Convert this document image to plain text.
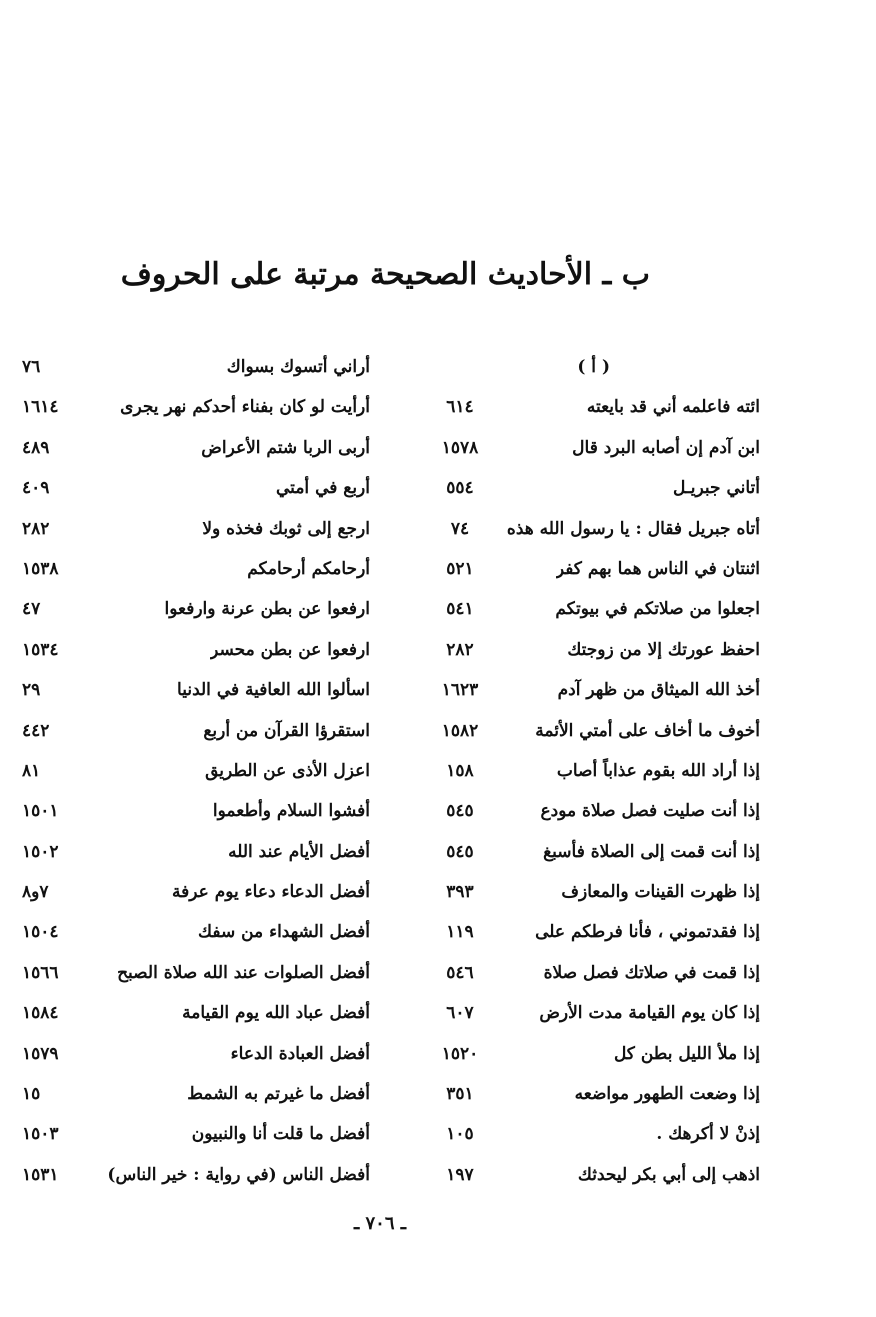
ب ـ الأحاديث الصحيحة مرتبة على الحروف
( أ )
ائته فاعلمه أني قد بايعته
٦١٤
ابن آدم إن أصابه البرد قال
١٥٧٨
أتاني جبريـل
٥٥٤
أتاه جبريل فقال : يا رسول الله هذه
٧٤
اثنتان في الناس هما بهم كفر
٥٢١
اجعلوا من صلاتكم في بيوتكم
٥٤١
احفظ عورتك إلا من زوجتك
٢٨٢
أخذ الله الميثاق من ظهر آدم
١٦٢٣
أخوف ما أخاف على أمتي الأئمة
١٥٨٢
إذا أراد الله بقوم عذاباً أصاب
١٥٨
إذا أنت صليت فصل صلاة مودع
٥٤٥
إذا أنت قمت إلى الصلاة فأسبغ
٥٤٥
إذا ظهرت القينات والمعازف
٣٩٣
إذا فقدتموني ، فأنا فرطكم على
١١٩
إذا قمت في صلاتك فصل صلاة
٥٤٦
إذا كان يوم القيامة مدت الأرض
٦٠٧
إذا ملأ الليل بطن كل
١٥٢٠
إذا وضعت الطهور مواضعه
٣٥١
إذنْ لا أكرهك .
١٠٥
اذهب إلى أبي بكر ليحدثك
١٩٧
أراني أتسوك بسواك
٧٦
أرأيت لو كان بفناء أحدكم نهر يجرى
١٦١٤
أربى الربا شتم الأعراض
٤٨٩
أربع في أمتي
٤٠٩
ارجع إلى ثوبك فخذه ولا
٢٨٢
أرحامكم أرحامكم
١٥٣٨
ارفعوا عن بطن عرنة وارفعوا
٤٧
ارفعوا عن بطن محسر
١٥٣٤
اسألوا الله العافية في الدنيا
٢٩
استقرؤا القرآن من أربع
٤٤٢
اعزل الأذى عن الطريق
٨١
أفشوا السلام وأطعموا
١٥٠١
أفضل الأيام عند الله
١٥٠٢
أفضل الدعاء دعاء يوم عرفة
٧و٨
أفضل الشهداء من سفك
١٥٠٤
أفضل الصلوات عند الله صلاة الصبح
١٥٦٦
أفضل عباد الله يوم القيامة
١٥٨٤
أفضل العبادة الدعاء
١٥٧٩
أفضل ما غيرتم به الشمط
١٥
أفضل ما قلت أنا والنبيون
١٥٠٣
أفضل الناس (في رواية : خير الناس)
١٥٣١
ـ ٧٠٦ ـ
